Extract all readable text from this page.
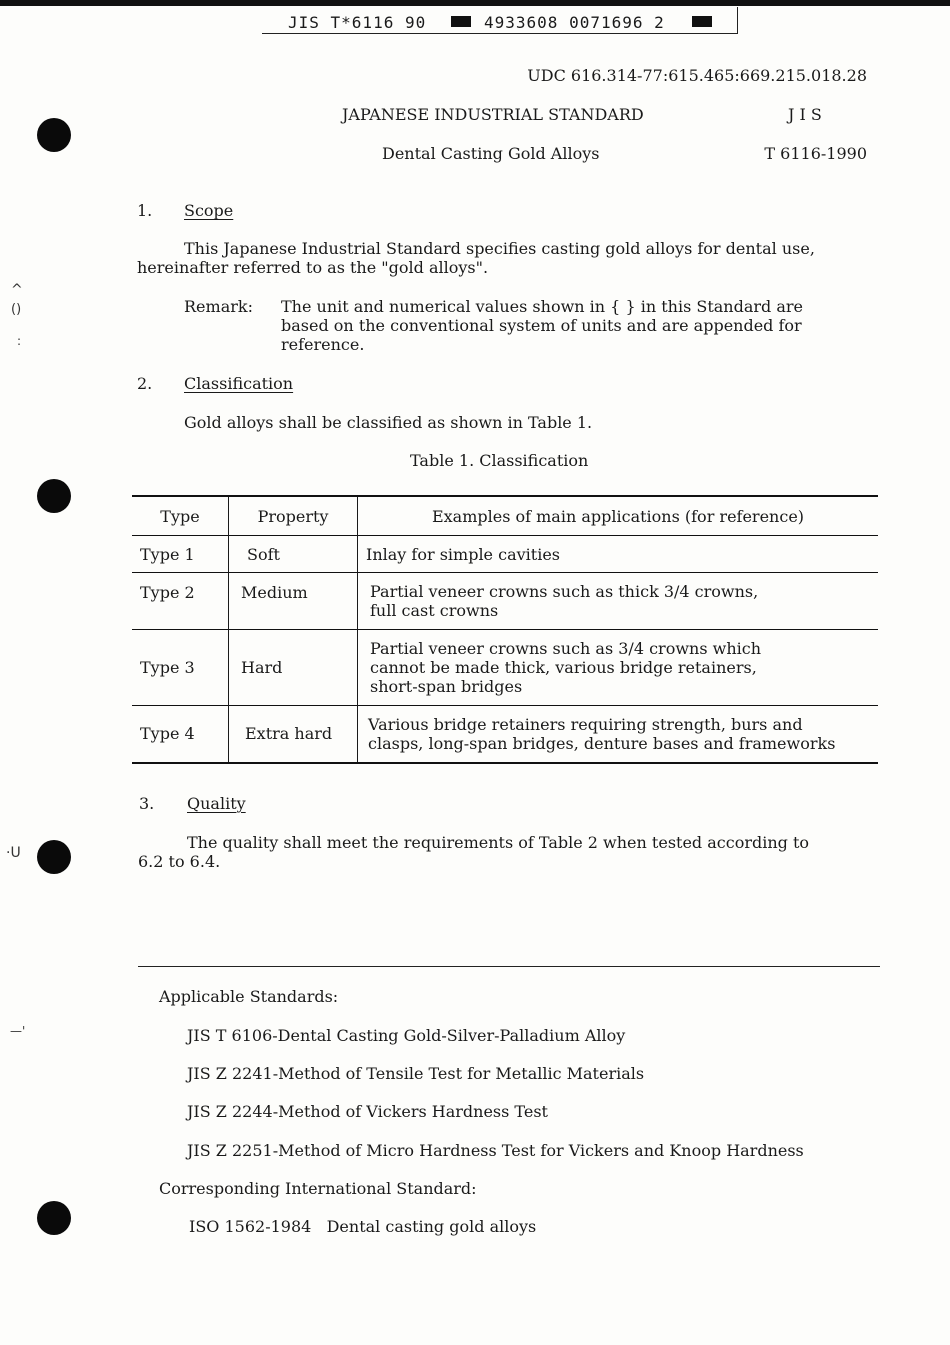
JIS T*6116 90	4933608 0071696 2
^
()
:
·U
—'
UDC 616.314-77:615.465:669.215.018.28
JAPANESE INDUSTRIAL STANDARD	J I S
Dental Casting Gold Alloys	T 6116-1990
1. Scope
This Japanese Industrial Standard specifies casting gold alloys for dental use,
hereinafter referred to as the "gold alloys".
Remark: The unit and numerical values shown in { } in this Standard are
based on the conventional system of units and are appended for
reference.
2. Classification
Gold alloys shall be classified as shown in Table 1.
Table 1. Classification
Type	Property	Examples of main applications (for reference)
Type 1	Soft	Inlay for simple cavities

Type 2	Medium	Partial veneer crowns such as thick 3/4 crowns,
full cast crowns

Type 3	Hard	Partial veneer crowns such as 3/4 crowns which
cannot be made thick, various bridge retainers,
short-span bridges

Type 4	Extra hard	Various bridge retainers requiring strength, burs and
clasps, long-span bridges, denture bases and frameworks
3. Quality
The quality shall meet the requirements of Table 2 when tested according to
6.2 to 6.4.
Applicable Standards:
JIS T 6106-Dental Casting Gold-Silver-Palladium Alloy
JIS Z 2241-Method of Tensile Test for Metallic Materials
JIS Z 2244-Method of Vickers Hardness Test
JIS Z 2251-Method of Micro Hardness Test for Vickers and Knoop Hardness
Corresponding International Standard:
ISO 1562-1984   Dental casting gold alloys
